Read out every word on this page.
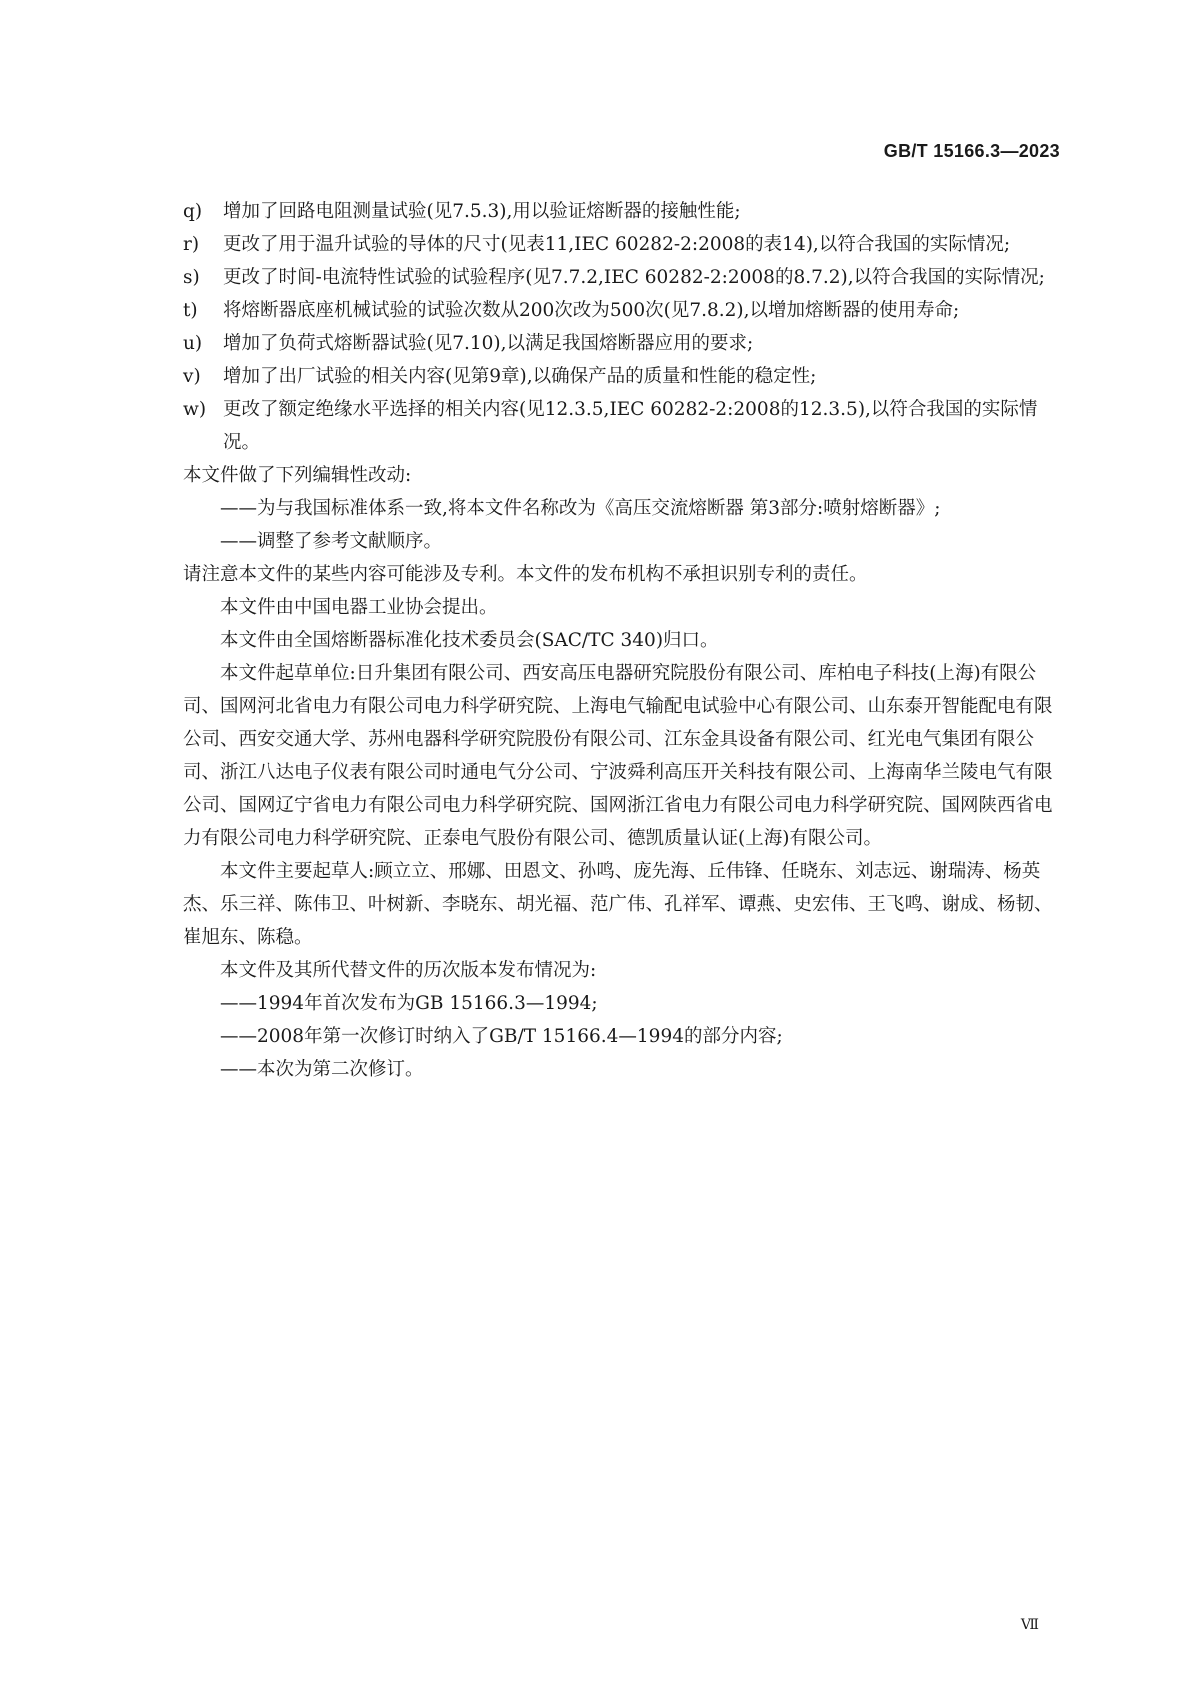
GB/T 15166.3—2023
q)	增加了回路电阻测量试验(见7.5.3),用以验证熔断器的接触性能;
r)	更改了用于温升试验的导体的尺寸(见表11,IEC 60282-2:2008的表14),以符合我国的实际情况;
s)	更改了时间-电流特性试验的试验程序(见7.7.2,IEC 60282-2:2008的8.7.2),以符合我国的实际情况;
t)	将熔断器底座机械试验的试验次数从200次改为500次(见7.8.2),以增加熔断器的使用寿命;
u)	增加了负荷式熔断器试验(见7.10),以满足我国熔断器应用的要求;
v)	增加了出厂试验的相关内容(见第9章),以确保产品的质量和性能的稳定性;
w) 更改了额定绝缘水平选择的相关内容(见12.3.5,IEC 60282-2:2008的12.3.5),以符合我国的实际情况。

本文件做了下列编辑性改动:

—— 为与我国标准体系一致,将本文件名称改为《高压交流熔断器 第3部分:喷射熔断器》;
—— 调整了参考文献顺序。

请注意本文件的某些内容可能涉及专利。本文件的发布机构不承担识别专利的责任。

本文件由中国电器工业协会提出。

本文件由全国熔断器标准化技术委员会(SAC/TC 340)归口。

本文件起草单位:日升集团有限公司、西安高压电器研究院股份有限公司、库柏电子科技(上海)有限公司、国网河北省电力有限公司电力科学研究院、上海电气输配电试验中心有限公司、山东泰开智能配电有限公司、西安交通大学、苏州电器科学研究院股份有限公司、江东金具设备有限公司、红光电气集团有限公司、浙江八达电子仪表有限公司时通电气分公司、宁波舜利高压开关科技有限公司、上海南华兰陵电气有限公司、国网辽宁省电力有限公司电力科学研究院、国网浙江省电力有限公司电力科学研究院、国网陕西省电力有限公司电力科学研究院、正泰电气股份有限公司、德凯质量认证(上海)有限公司。

本文件主要起草人:顾立立、邢娜、田恩文、孙鸣、庞先海、丘伟锋、任晓东、刘志远、谢瑞涛、杨英杰、乐三祥、陈伟卫、叶树新、李晓东、胡光福、范广伟、孔祥军、谭燕、史宏伟、王飞鸣、谢成、杨韧、崔旭东、陈稳。

本文件及其所代替文件的历次版本发布情况为:

—— 1994年首次发布为GB 15166.3—1994;
—— 2008年第一次修订时纳入了GB/T 15166.4—1994的部分内容;
—— 本次为第二次修订。
Ⅶ
